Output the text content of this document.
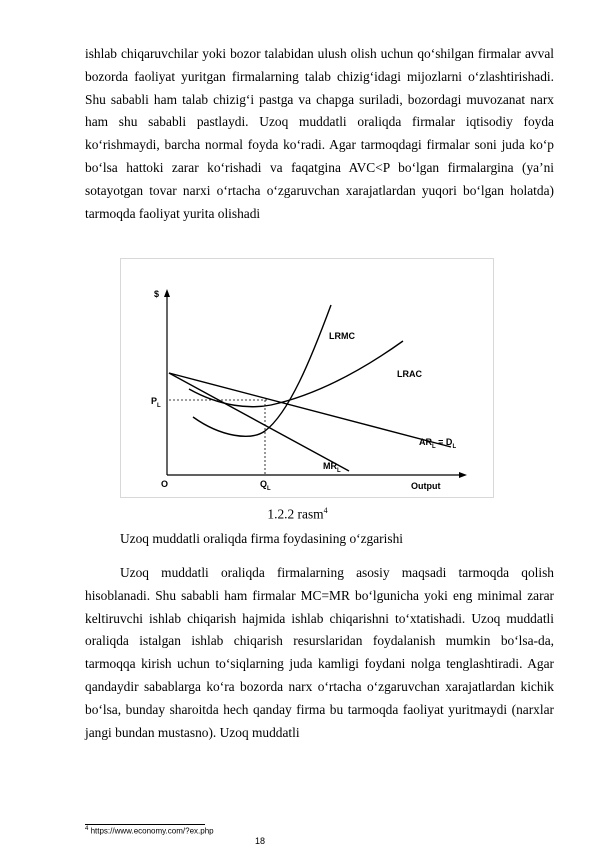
ishlab chiqaruvchilar yoki bozor talabidan ulush olish uchun qo‘shilgan firmalar avval bozorda faoliyat yuritgan firmalarning talab chizig‘idagi mijozlarni o‘zlashtirishadi. Shu sababli ham talab chizig‘i pastga va chapga suriladi, bozordagi muvozanat narx ham shu sababli pastlaydi. Uzoq muddatli oraliqda firmalar iqtisodiy foyda ko‘rishmaydi, barcha normal foyda ko‘radi. Agar tarmoqdagi firmalar soni juda ko‘p bo‘lsa hattoki zarar ko‘rishadi va faqatgina AVC<P bo‘lgan firmalargina (ya’ni sotayotgan tovar narxi o‘rtacha o‘zgaruvchan xarajatlardan yuqori bo‘lgan holatda) tarmoqda faoliyat yurita olishadi

$
O	Output
LRMC
LRAC
$P_L$
$Q_L$
$AR_L = D_L$
$MR_L$
1.2.2 rasm$^4$
Uzoq muddatli oraliqda firma foydasining o‘zgarishi

Uzoq muddatli oraliqda firmalarning asosiy maqsadi tarmoqda qolish hisoblanadi. Shu sababli ham firmalar MC=MR bo‘lgunicha yoki eng minimal zarar keltiruvchi ishlab chiqarish hajmida ishlab chiqarishni to‘xtatishadi. Uzoq muddatli oraliqda istalgan ishlab chiqarish resurslaridan foydalanish mumkin bo‘lsa-da, tarmoqqa kirish uchun to‘siqlarning juda kamligi foydani nolga tenglashtiradi. Agar qandaydir sabablarga ko‘ra bozorda narx o‘rtacha o‘zgaruvchan xarajatlardan kichik bo‘lsa, bunday sharoitda hech qanday firma bu tarmoqda faoliyat yuritmaydi (narxlar jangi bundan mustasno). Uzoq muddatli

$^4$ https://www.economy.com/?ex.php
18
